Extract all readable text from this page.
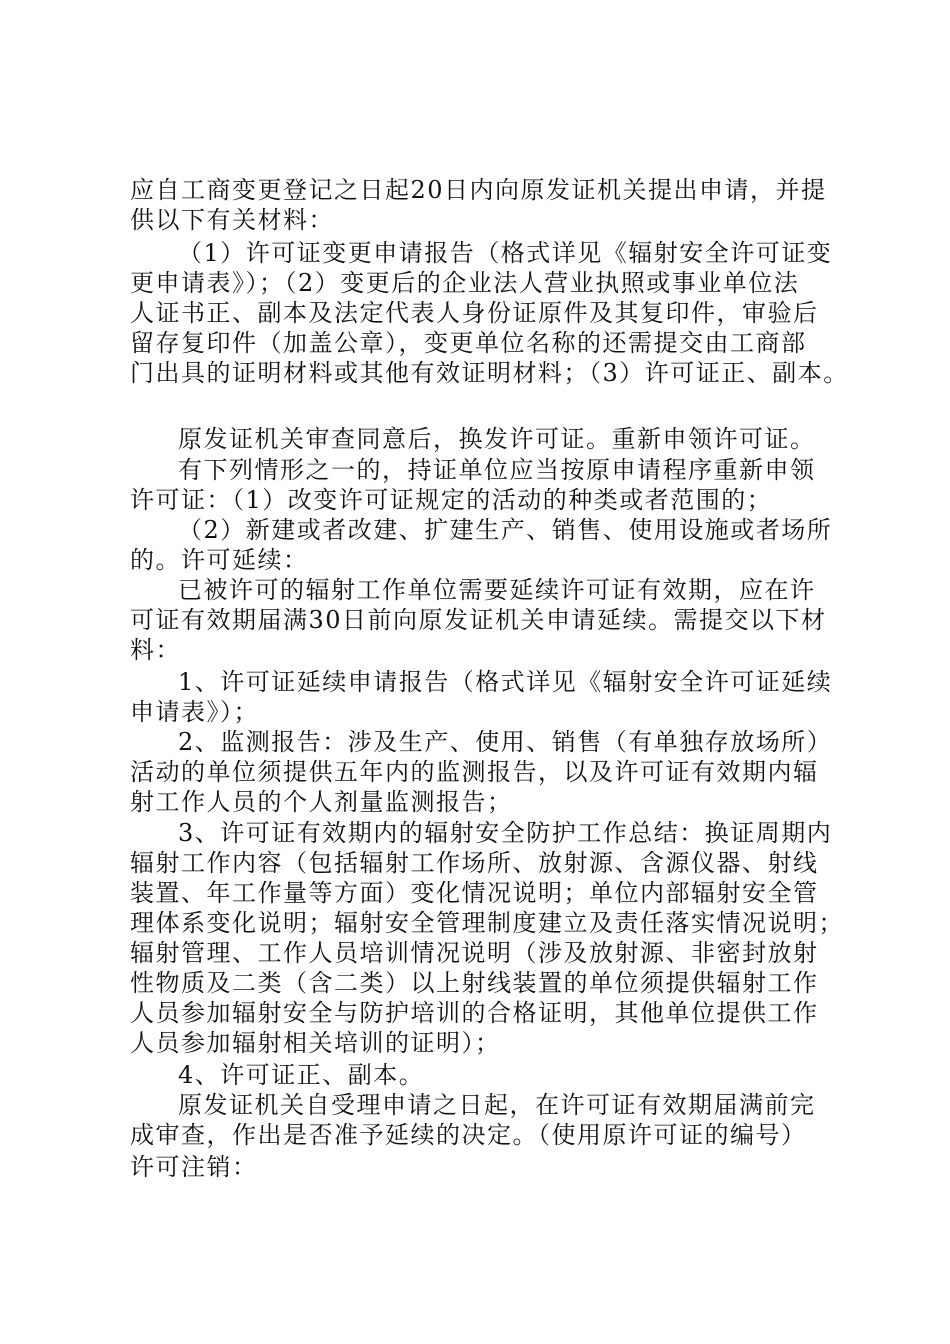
应自工商变更登记之日起20日内向原发证机关提出申请，并提
供以下有关材料：
（1）许可证变更申请报告（格式详见《辐射安全许可证变
更申请表》）；（2）变更后的企业法人营业执照或事业单位法
人证书正、副本及法定代表人身份证原件及其复印件，审验后
留存复印件（加盖公章），变更单位名称的还需提交由工商部
门出具的证明材料或其他有效证明材料；（3）许可证正、副本。
原发证机关审查同意后，换发许可证。重新申领许可证。
有下列情形之一的，持证单位应当按原申请程序重新申领
许可证：（1）改变许可证规定的活动的种类或者范围的；
（2）新建或者改建、扩建生产、销售、使用设施或者场所
的。许可延续：
已被许可的辐射工作单位需要延续许可证有效期，应在许
可证有效期届满30日前向原发证机关申请延续。需提交以下材
料：
1、许可证延续申请报告（格式详见《辐射安全许可证延续
申请表》）；
2、监测报告：涉及生产、使用、销售（有单独存放场所）
活动的单位须提供五年内的监测报告，以及许可证有效期内辐
射工作人员的个人剂量监测报告；
3、许可证有效期内的辐射安全防护工作总结：换证周期内
辐射工作内容（包括辐射工作场所、放射源、含源仪器、射线
装置、年工作量等方面）变化情况说明；单位内部辐射安全管
理体系变化说明；辐射安全管理制度建立及责任落实情况说明；
辐射管理、工作人员培训情况说明（涉及放射源、非密封放射
性物质及二类（含二类）以上射线装置的单位须提供辐射工作
人员参加辐射安全与防护培训的合格证明，其他单位提供工作
人员参加辐射相关培训的证明）；
4、许可证正、副本。
原发证机关自受理申请之日起，在许可证有效期届满前完
成审查，作出是否准予延续的决定。（使用原许可证的编号）
许可注销：
